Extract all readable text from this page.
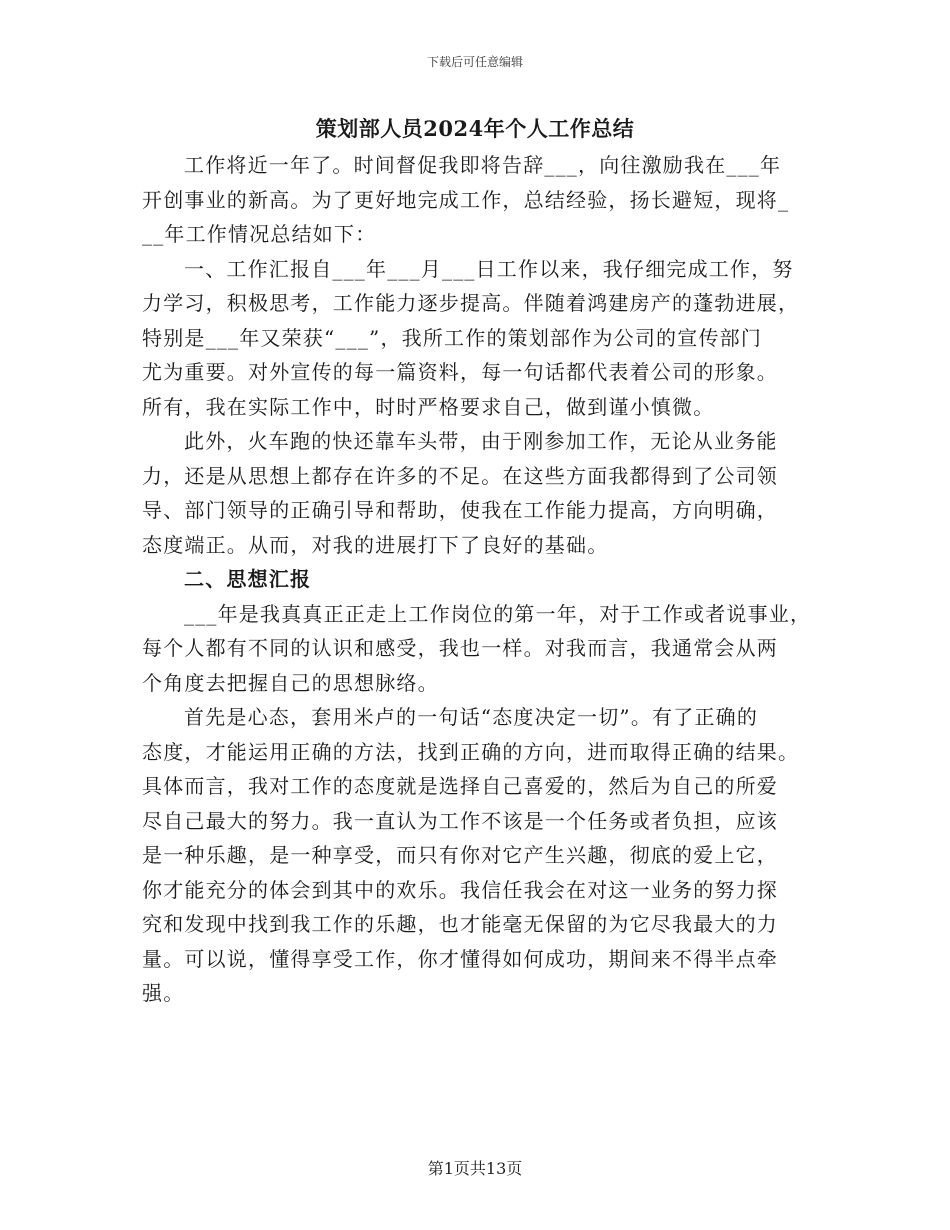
下载后可任意编辑
策划部人员2024年个人工作总结
工作将近一年了。时间督促我即将告辞___，向往激励我在___年
开创事业的新高。为了更好地完成工作，总结经验，扬长避短，现将_
__年工作情况总结如下：
一、工作汇报自___年___月___日工作以来，我仔细完成工作，努
力学习，积极思考，工作能力逐步提高。伴随着鸿建房产的蓬勃进展，
特别是___年又荣获“___”，我所工作的策划部作为公司的宣传部门
尤为重要。对外宣传的每一篇资料，每一句话都代表着公司的形象。
所有，我在实际工作中，时时严格要求自己，做到谨小慎微。
此外，火车跑的快还靠车头带，由于刚参加工作，无论从业务能
力，还是从思想上都存在许多的不足。在这些方面我都得到了公司领
导、部门领导的正确引导和帮助，使我在工作能力提高，方向明确，
态度端正。从而，对我的进展打下了良好的基础。
二、思想汇报
___年是我真真正正走上工作岗位的第一年，对于工作或者说事业，
每个人都有不同的认识和感受，我也一样。对我而言，我通常会从两
个角度去把握自己的思想脉络。
首先是心态，套用米卢的一句话“态度决定一切”。有了正确的
态度，才能运用正确的方法，找到正确的方向，进而取得正确的结果。
具体而言，我对工作的态度就是选择自己喜爱的，然后为自己的所爱
尽自己最大的努力。我一直认为工作不该是一个任务或者负担，应该
是一种乐趣，是一种享受，而只有你对它产生兴趣，彻底的爱上它，
你才能充分的体会到其中的欢乐。我信任我会在对这一业务的努力探
究和发现中找到我工作的乐趣，也才能毫无保留的为它尽我最大的力
量。可以说，懂得享受工作，你才懂得如何成功，期间来不得半点牵
强。
第1页共13页
